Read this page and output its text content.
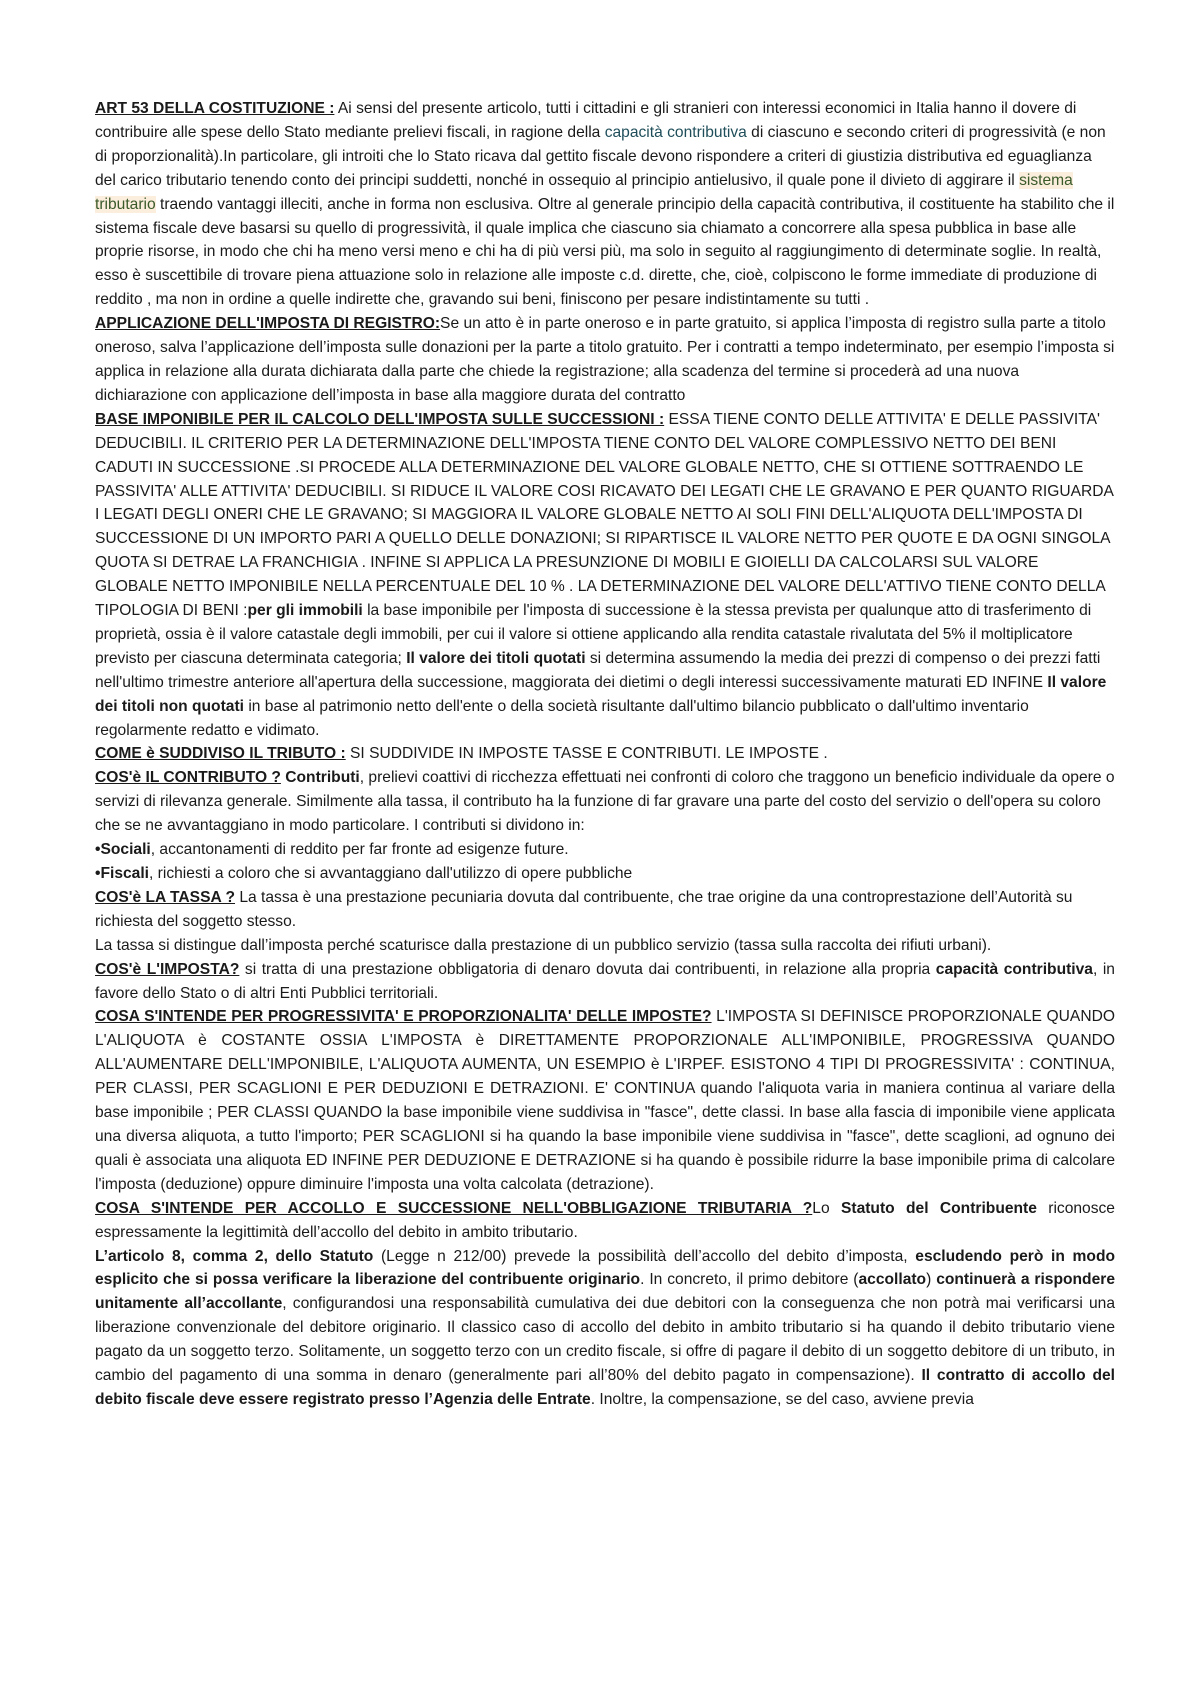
ART 53 DELLA COSTITUZIONE : Ai sensi del presente articolo, tutti i cittadini e gli stranieri con interessi economici in Italia hanno il dovere di contribuire alle spese dello Stato mediante prelievi fiscali, in ragione della capacità contributiva di ciascuno e secondo criteri di progressività (e non di proporzionalità).In particolare, gli introiti che lo Stato ricava dal gettito fiscale devono rispondere a criteri di giustizia distributiva ed eguaglianza del carico tributario tenendo conto dei principi suddetti, nonché in ossequio al principio antielusivo, il quale pone il divieto di aggirare il sistema tributario traendo vantaggi illeciti, anche in forma non esclusiva. Oltre al generale principio della capacità contributiva, il costituente ha stabilito che il sistema fiscale deve basarsi su quello di progressività, il quale implica che ciascuno sia chiamato a concorrere alla spesa pubblica in base alle proprie risorse, in modo che chi ha meno versi meno e chi ha di più versi più, ma solo in seguito al raggiungimento di determinate soglie. In realtà, esso è suscettibile di trovare piena attuazione solo in relazione alle imposte c.d. dirette, che, cioè, colpiscono le forme immediate di produzione di reddito , ma non in ordine a quelle indirette che, gravando sui beni, finiscono per pesare indistintamente su tutti .

APPLICAZIONE DELL'IMPOSTA DI REGISTRO:Se un atto è in parte oneroso e in parte gratuito, si applica l’imposta di registro sulla parte a titolo oneroso, salva l’applicazione dell’imposta sulle donazioni per la parte a titolo gratuito. Per i contratti a tempo indeterminato, per esempio l’imposta si applica in relazione alla durata dichiarata dalla parte che chiede la registrazione; alla scadenza del termine si procederà ad una nuova dichiarazione con applicazione dell’imposta in base alla maggiore durata del contratto

BASE IMPONIBILE PER IL CALCOLO DELL'IMPOSTA SULLE SUCCESSIONI : ESSA TIENE CONTO DELLE ATTIVITA' E DELLE PASSIVITA' DEDUCIBILI. IL CRITERIO PER LA DETERMINAZIONE DELL'IMPOSTA TIENE CONTO DEL VALORE COMPLESSIVO NETTO DEI BENI CADUTI IN SUCCESSIONE .SI PROCEDE ALLA DETERMINAZIONE DEL VALORE GLOBALE NETTO, CHE SI OTTIENE SOTTRAENDO LE PASSIVITA' ALLE ATTIVITA' DEDUCIBILI. SI RIDUCE IL VALORE COSI RICAVATO DEI LEGATI CHE LE GRAVANO E PER QUANTO RIGUARDA I LEGATI DEGLI ONERI CHE LE GRAVANO; SI MAGGIORA IL VALORE GLOBALE NETTO AI SOLI FINI DELL'ALIQUOTA DELL'IMPOSTA DI SUCCESSIONE DI UN IMPORTO PARI A QUELLO DELLE DONAZIONI; SI RIPARTISCE IL VALORE NETTO PER QUOTE E DA OGNI SINGOLA QUOTA SI DETRAE LA FRANCHIGIA . INFINE SI APPLICA LA PRESUNZIONE DI MOBILI E GIOIELLI DA CALCOLARSI SUL VALORE GLOBALE NETTO IMPONIBILE NELLA PERCENTUALE DEL 10 % . LA DETERMINAZIONE DEL VALORE DELL'ATTIVO TIENE CONTO DELLA TIPOLOGIA DI BENI :per gli immobili la base imponibile per l'imposta di successione è la stessa prevista per qualunque atto di trasferimento di proprietà, ossia è il valore catastale degli immobili, per cui il valore si ottiene applicando alla rendita catastale rivalutata del 5% il moltiplicatore previsto per ciascuna determinata categoria; Il valore dei titoli quotati si determina assumendo la media dei prezzi di compenso o dei prezzi fatti nell'ultimo trimestre anteriore all'apertura della successione, maggiorata dei dietimi o degli interessi successivamente maturati ED INFINE Il valore dei titoli non quotati in base al patrimonio netto dell'ente o della società risultante dall'ultimo bilancio pubblicato o dall'ultimo inventario regolarmente redatto e vidimato.

COME è SUDDIVISO IL TRIBUTO : SI SUDDIVIDE IN IMPOSTE TASSE E CONTRIBUTI. LE IMPOSTE .

COS'è IL CONTRIBUTO ? Contributi, prelievi coattivi di ricchezza effettuati nei confronti di coloro che traggono un beneficio individuale da opere o servizi di rilevanza generale. Similmente alla tassa, il contributo ha la funzione di far gravare una parte del costo del servizio o dell'opera su coloro che se ne avvantaggiano in modo particolare. I contributi si dividono in:

•Sociali, accantonamenti di reddito per far fronte ad esigenze future.

•Fiscali, richiesti a coloro che si avvantaggiano dall'utilizzo di opere pubbliche

COS'è LA TASSA ? La tassa è una prestazione pecuniaria dovuta dal contribuente, che trae origine da una controprestazione dell’Autorità su richiesta del soggetto stesso.

La tassa si distingue dall’imposta perché scaturisce dalla prestazione di un pubblico servizio (tassa sulla raccolta dei rifiuti urbani).

COS'è L'IMPOSTA? si tratta di una prestazione obbligatoria di denaro dovuta dai contribuenti, in relazione alla propria capacità contributiva, in favore dello Stato o di altri Enti Pubblici territoriali.

COSA S'INTENDE PER PROGRESSIVITA' E PROPORZIONALITA' DELLE IMPOSTE? L'IMPOSTA SI DEFINISCE PROPORZIONALE QUANDO L'ALIQUOTA è COSTANTE OSSIA L'IMPOSTA è DIRETTAMENTE PROPORZIONALE ALL'IMPONIBILE, PROGRESSIVA QUANDO ALL'AUMENTARE DELL'IMPONIBILE, L'ALIQUOTA AUMENTA, UN ESEMPIO è L'IRPEF. ESISTONO 4 TIPI DI PROGRESSIVITA' : CONTINUA, PER CLASSI, PER SCAGLIONI E PER DEDUZIONI E DETRAZIONI. E' CONTINUA quando l'aliquota varia in maniera continua al variare della base imponibile ; PER CLASSI QUANDO la base imponibile viene suddivisa in "fasce", dette classi. In base alla fascia di imponibile viene applicata una diversa aliquota, a tutto l'importo; PER SCAGLIONI si ha quando la base imponibile viene suddivisa in "fasce", dette scaglioni, ad ognuno dei quali è associata una aliquota ED INFINE PER DEDUZIONE E DETRAZIONE si ha quando è possibile ridurre la base imponibile prima di calcolare l'imposta (deduzione) oppure diminuire l'imposta una volta calcolata (detrazione).

COSA S'INTENDE PER ACCOLLO E SUCCESSIONE NELL'OBBLIGAZIONE TRIBUTARIA ?Lo Statuto del Contribuente riconosce espressamente la legittimità dell’accollo del debito in ambito tributario.

L’articolo 8, comma 2, dello Statuto (Legge n 212/00) prevede la possibilità dell’accollo del debito d’imposta, escludendo però in modo esplicito che si possa verificare la liberazione del contribuente originario. In concreto, il primo debitore (accollato) continuerà a rispondere unitamente all’accollante, configurandosi una responsabilità cumulativa dei due debitori con la conseguenza che non potrà mai verificarsi una liberazione convenzionale del debitore originario. Il classico caso di accollo del debito in ambito tributario si ha quando il debito tributario viene pagato da un soggetto terzo. Solitamente, un soggetto terzo con un credito fiscale, si offre di pagare il debito di un soggetto debitore di un tributo, in cambio del pagamento di una somma in denaro (generalmente pari all’80% del debito pagato in compensazione). Il contratto di accollo del debito fiscale deve essere registrato presso l’Agenzia delle Entrate. Inoltre, la compensazione, se del caso, avviene previa
